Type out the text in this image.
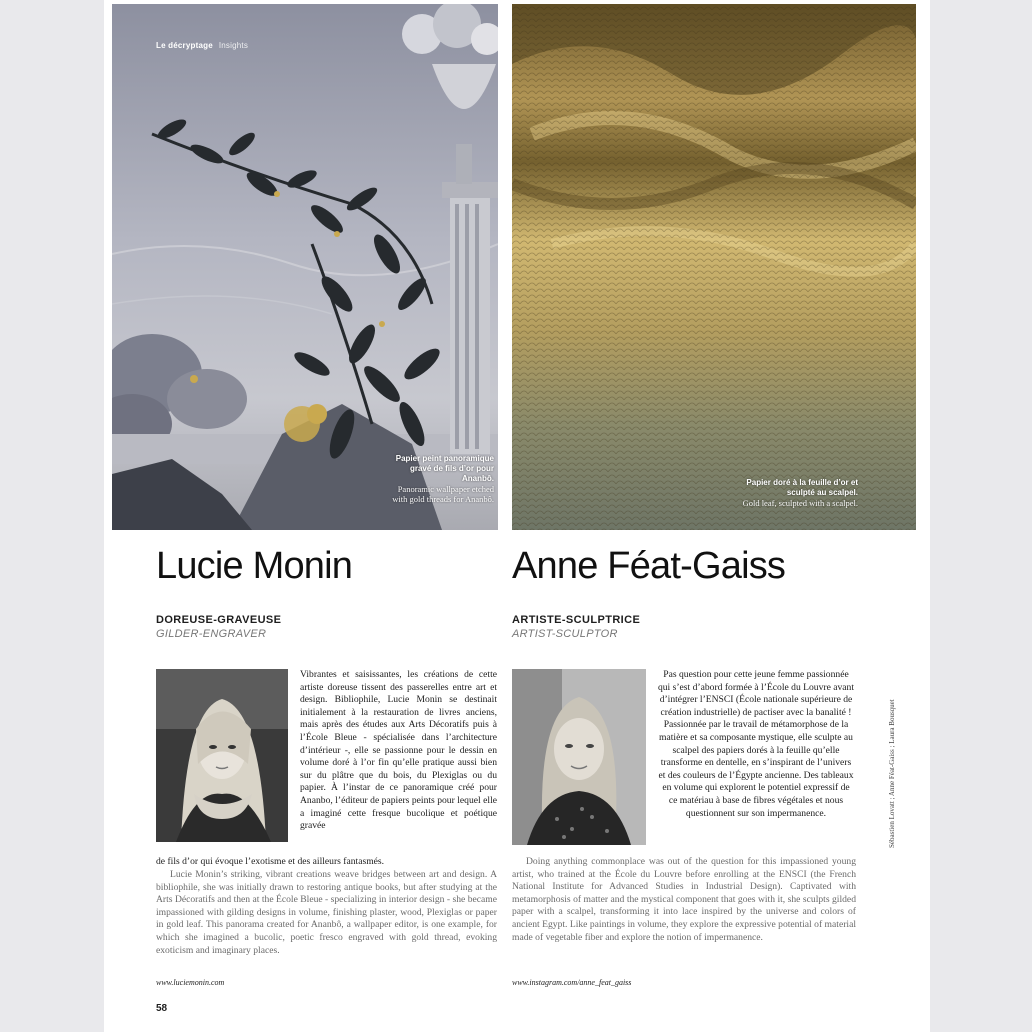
Le décryptage Insights
Papier peint panoramique gravé de fils d’or pour Ananbô.
Panoramic wallpaper etched with gold threads for Ananbô.
Papier doré à la feuille d’or et sculpté au scalpel.
Gold leaf, sculpted with a scalpel.
Lucie Monin	Anne Féat-Gaiss
DOREUSE-GRAVEUSE
GILDER-ENGRAVER
ARTISTE-SCULPTRICE
ARTIST-SCULPTOR

Vibrantes et saisissantes, les créations de cette artiste doreuse tissent des passerelles entre art et design. Bibliophile, Lucie Monin se destinait initialement à la restauration de livres anciens, mais après des études aux Arts Décoratifs puis à l’École Bleue - spécialisée dans l’architecture d’intérieur -, elle se passionne pour le dessin en volume doré à l’or fin qu’elle pratique aussi bien sur du plâtre que du bois, du Plexiglas ou du papier. À l’instar de ce panoramique créé pour Ananbo, l’éditeur de papiers peints pour lequel elle a imaginé cette fresque bucolique et poétique gravée

de fils d’or qui évoque l’exotisme et des ailleurs fantasmés.

Lucie Monin’s striking, vibrant creations weave bridges between art and design. A bibliophile, she was initially drawn to restoring antique books, but after studying at the Arts Décoratifs and then at the École Bleue - specializing in interior design - she became impassioned with gilding designs in volume, finishing plaster, wood, Plexiglas or paper in gold leaf. This panorama created for Ananbô, a wallpaper editor, is one example, for which she imagined a bucolic, poetic fresco engraved with gold thread, evoking exoticism and imaginary places.

www.luciemonin.com

Pas question pour cette jeune femme passionnée qui s’est d’abord formée à l’École du Louvre avant d’intégrer l’ENSCI (École nationale supérieure de création industrielle) de pactiser avec la banalité ! Passionnée par le travail de métamorphose de la matière et sa composante mystique, elle sculpte au scalpel des papiers dorés à la feuille qu’elle transforme en dentelle, en s’inspirant de l’univers et des couleurs de l’Égypte ancienne. Des tableaux en volume qui explorent le potentiel expressif de ce matériau à base de fibres végétales et nous questionnent sur son impermanence.

Doing anything commonplace was out of the question for this impassioned young artist, who trained at the École du Louvre before enrolling at the ENSCI (the French National Institute for Advanced Studies in Industrial Design). Captivated with metamorphosis of matter and the mystical component that goes with it, she sculpts gilded paper with a scalpel, transforming it into lace inspired by the universe and colors of ancient Egypt. Like paintings in volume, they explore the expressive potential of material made of vegetable fiber and explore the notion of impermanence.

www.instagram.com/anne_feat_gaiss
Sébastien Lovatt ; Anne Féat-Gaiss ; Laura Bousquet
58
